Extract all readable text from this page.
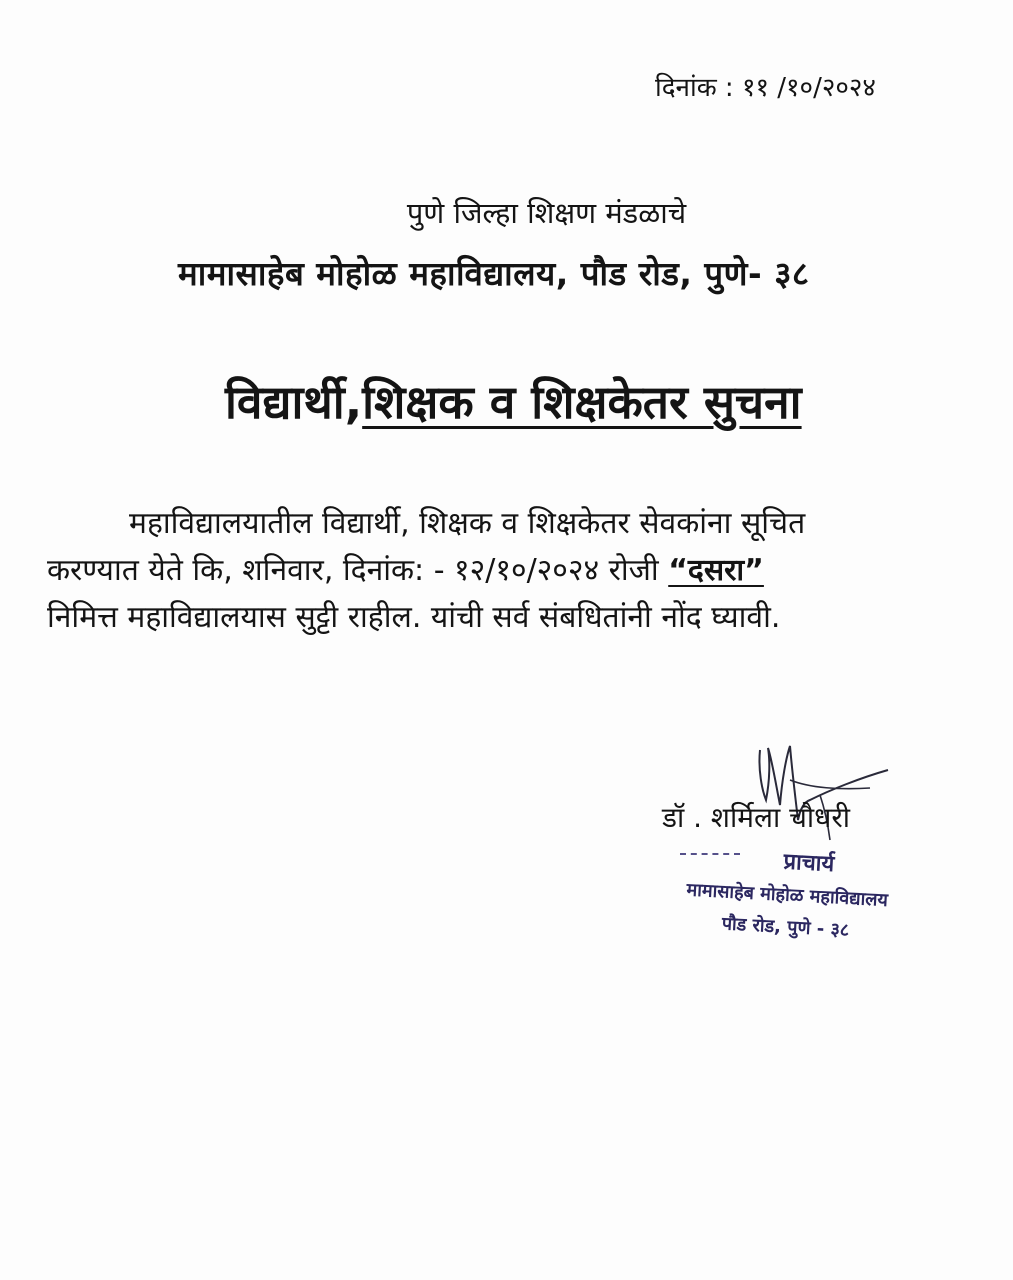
दिनांक : ११ /१०/२०२४
पुणे जिल्हा शिक्षण मंडळाचे
मामासाहेब मोहोळ महाविद्यालय, पौड रोड, पुणे- ३८
विद्यार्थी,शिक्षक व शिक्षकेतर सुचना
महाविद्यालयातील विद्यार्थी, शिक्षक व शिक्षकेतर सेवकांना सूचित
करण्यात येते कि, शनिवार, दिनांक: - १२/१०/२०२४ रोजी “दसरा”
निमित्त महाविद्यालयास सुट्टी राहील. यांची सर्व संबधितांनी नोंद घ्यावी.
डॉ . शर्मिला चौधरी
प्राचार्य
मामासाहेब मोहोळ महाविद्यालय
पौड रोड, पुणे - ३८
